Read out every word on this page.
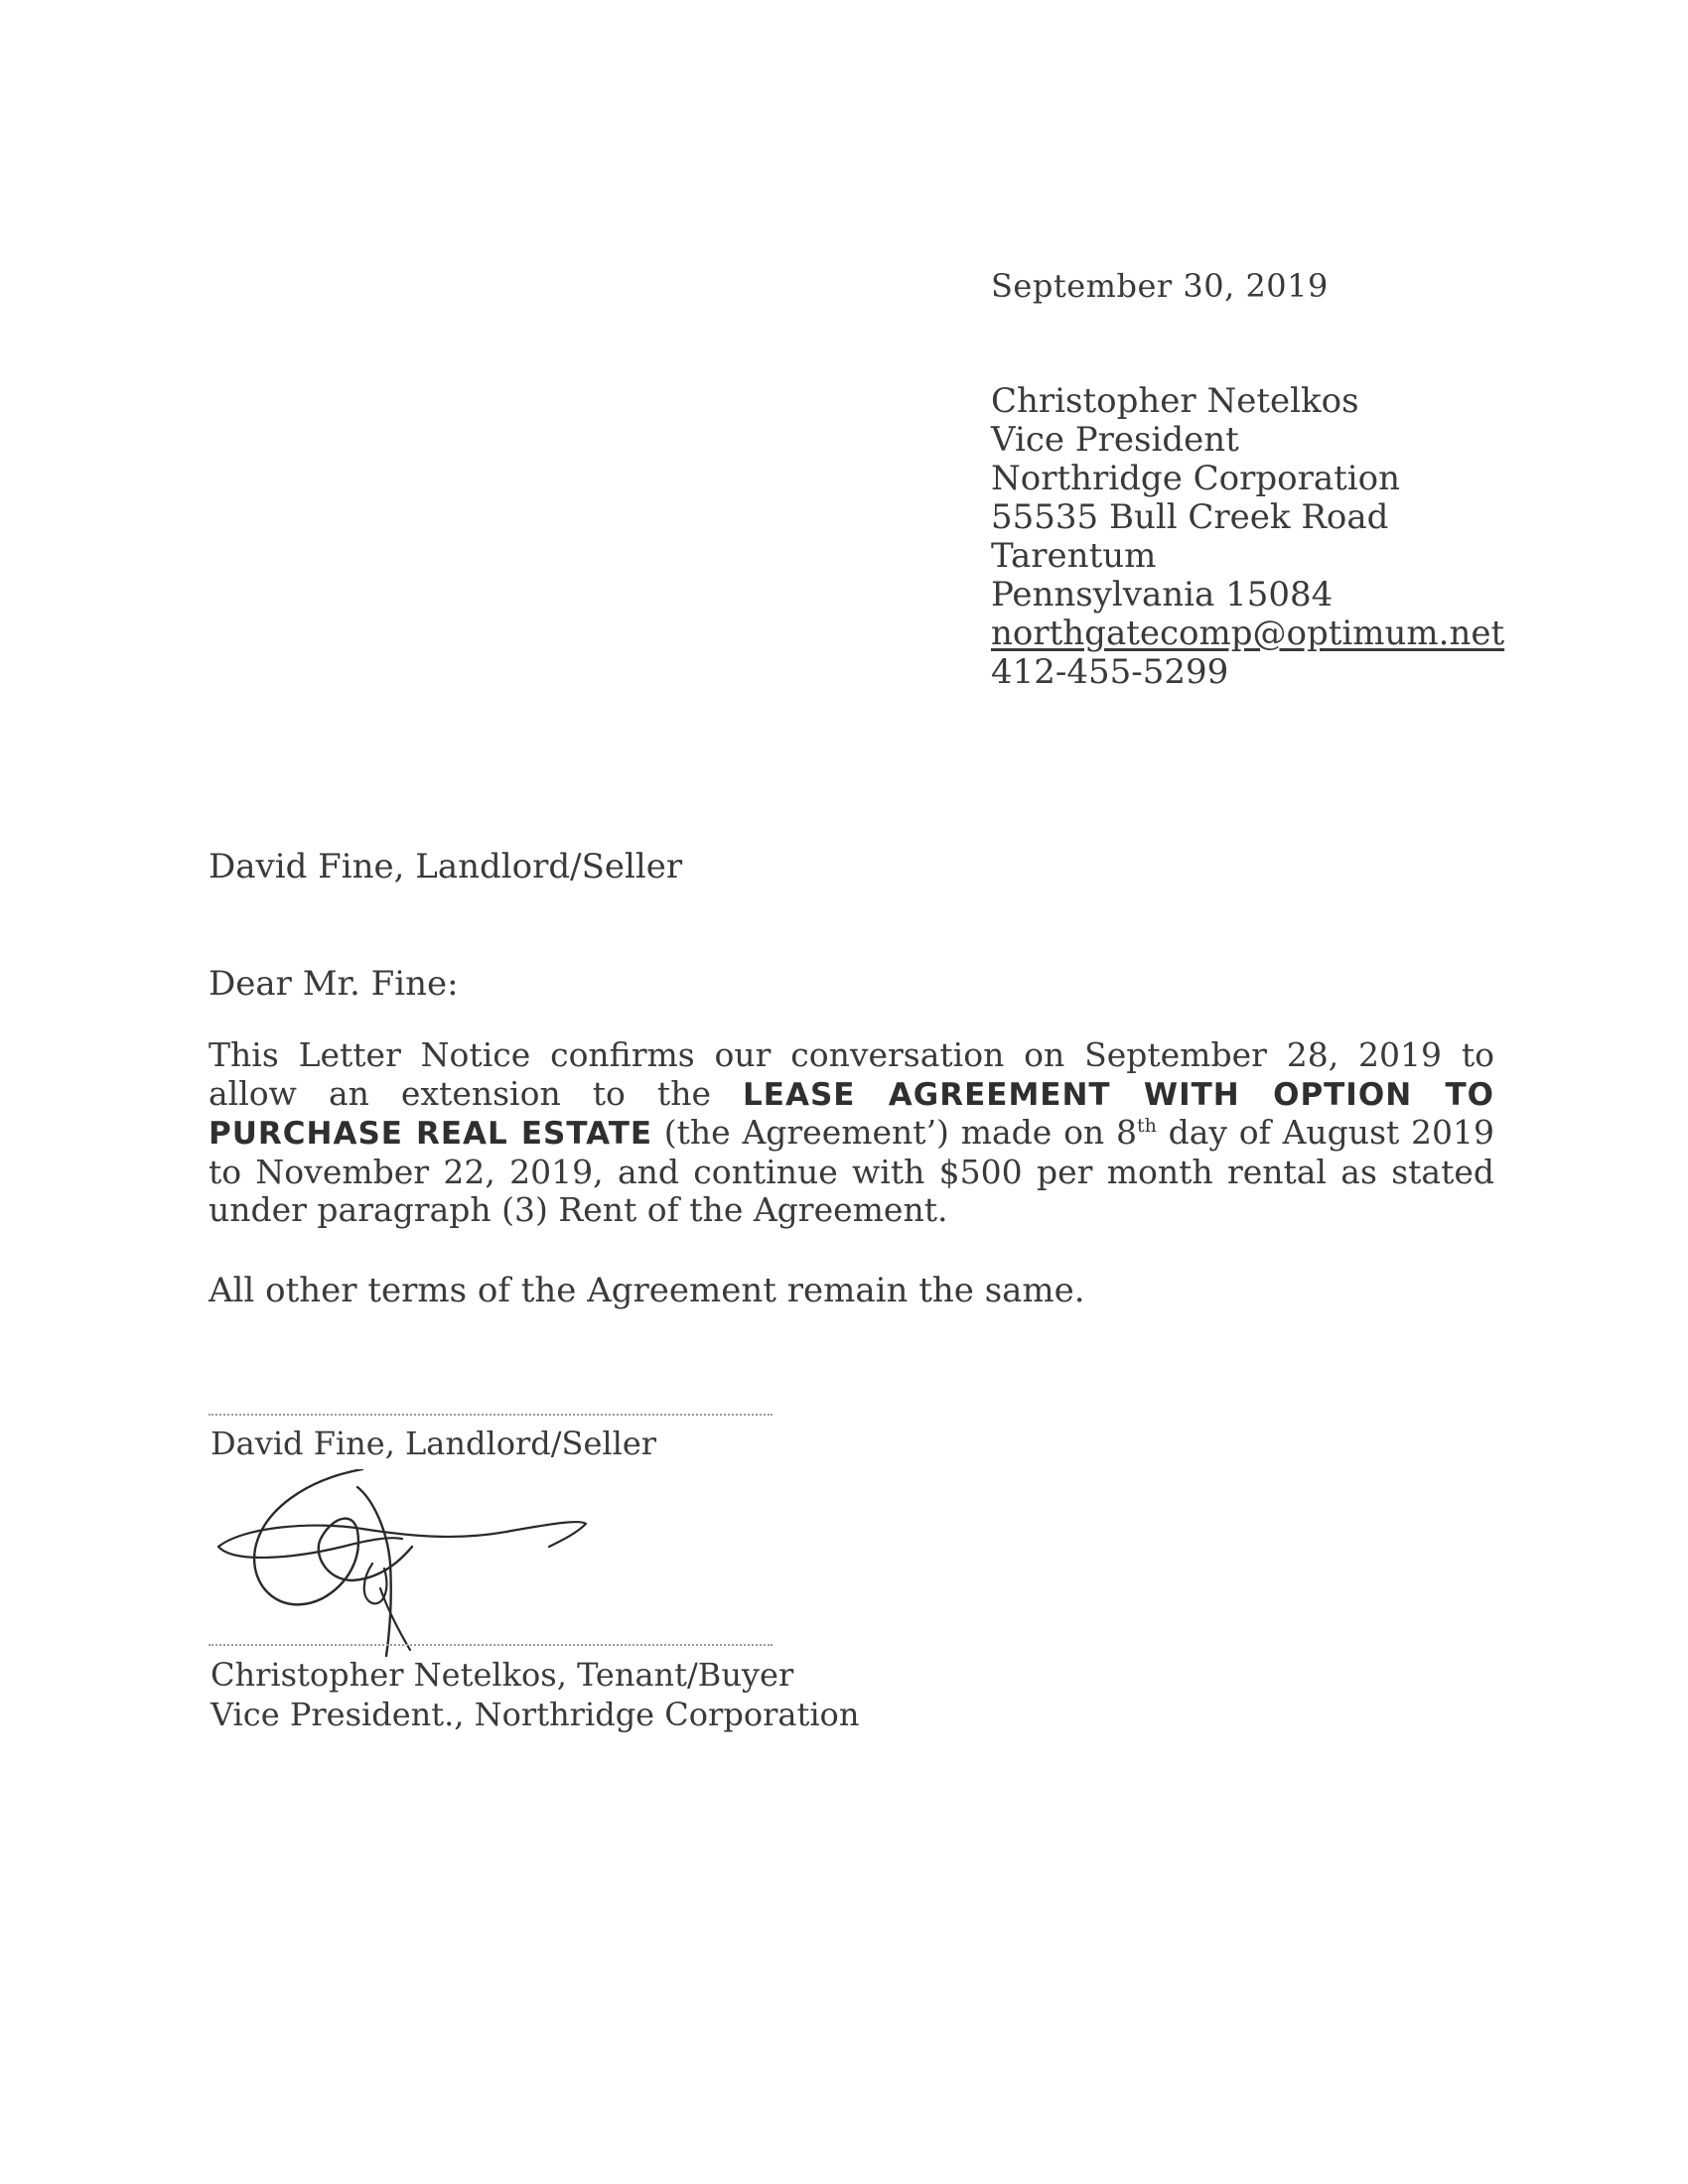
September 30, 2019
Christopher Netelkos
Vice President
Northridge Corporation
55535 Bull Creek Road
Tarentum
Pennsylvania 15084
northgatecomp@optimum.net
412-455-5299
David Fine, Landlord/Seller
Dear Mr. Fine:
This Letter Notice confirms our conversation on September 28, 2019 to allow an extension to the LEASE AGREEMENT WITH OPTION TO PURCHASE REAL ESTATE (the Agreement’) made on 8th day of August 2019 to November 22, 2019, and continue with $500 per month rental as stated under paragraph (3) Rent of the Agreement.
All other terms of the Agreement remain the same.
David Fine, Landlord/Seller
Christopher Netelkos, Tenant/Buyer
Vice President., Northridge Corporation
